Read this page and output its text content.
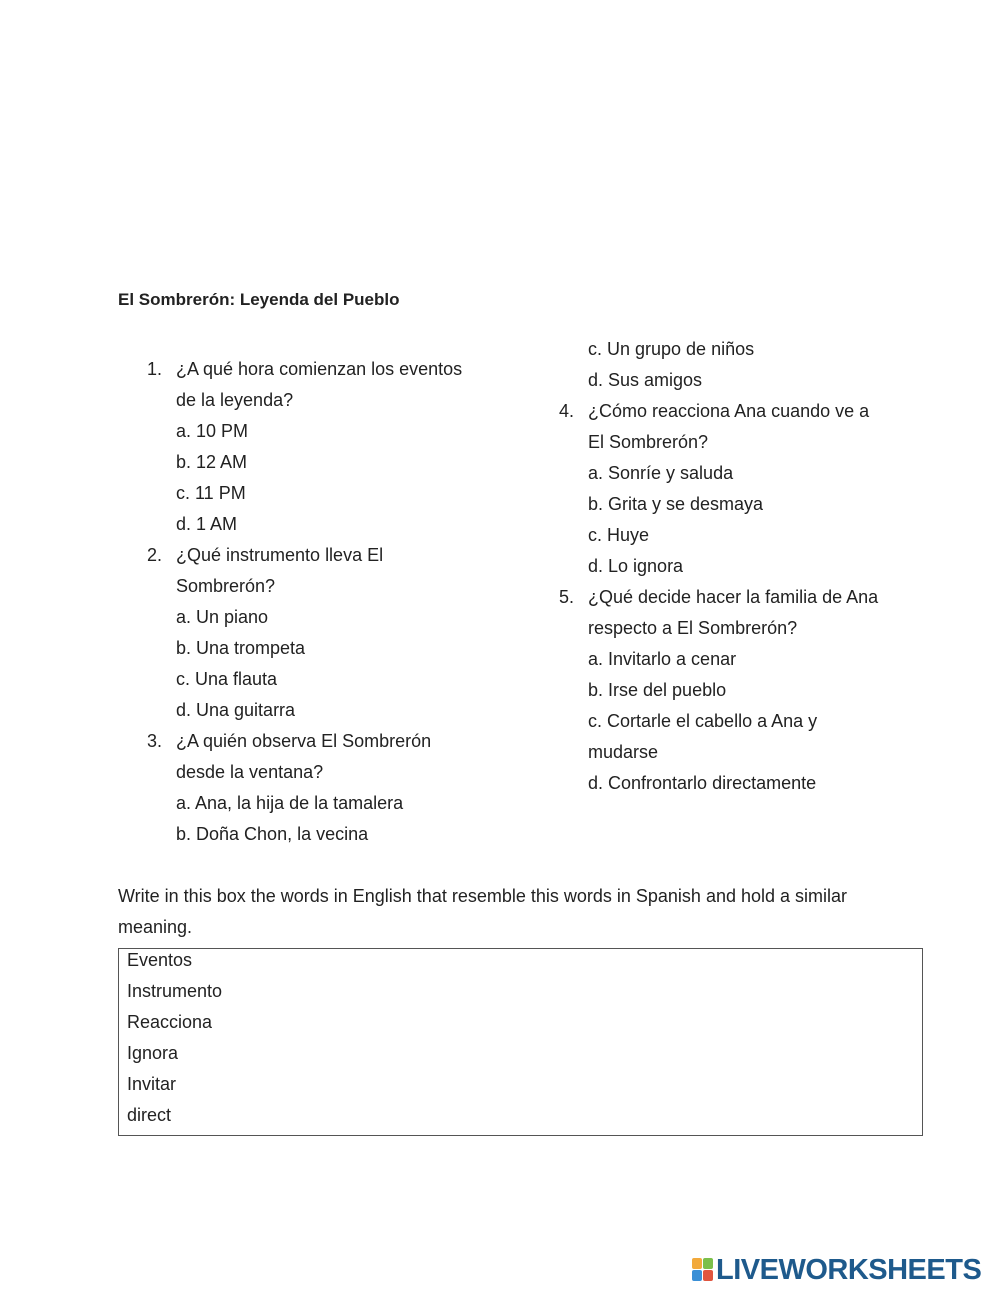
El Sombrerón: Leyenda del Pueblo
1. ¿A qué hora comienzan los eventos
de la leyenda?
a. 10 PM
b. 12 AM
c. 11 PM
d. 1 AM
2. ¿Qué instrumento lleva El
Sombrerón?
a. Un piano
b. Una trompeta
c. Una flauta
d. Una guitarra
3. ¿A quién observa El Sombrerón
desde la ventana?
a. Ana, la hija de la tamalera
b. Doña Chon, la vecina
c. Un grupo de niños
d. Sus amigos
4. ¿Cómo reacciona Ana cuando ve a
El Sombrerón?
a. Sonríe y saluda
b. Grita y se desmaya
c. Huye
d. Lo ignora
5. ¿Qué decide hacer la familia de Ana
respecto a El Sombrerón?
a. Invitarlo a cenar
b. Irse del pueblo
c. Cortarle el cabello a Ana y
mudarse
d. Confrontarlo directamente
Write in this box the words in English that resemble this words in Spanish and hold a similar
meaning.
Eventos
Instrumento
Reacciona
Ignora
Invitar
direct
LIVEWORKSHEETS
